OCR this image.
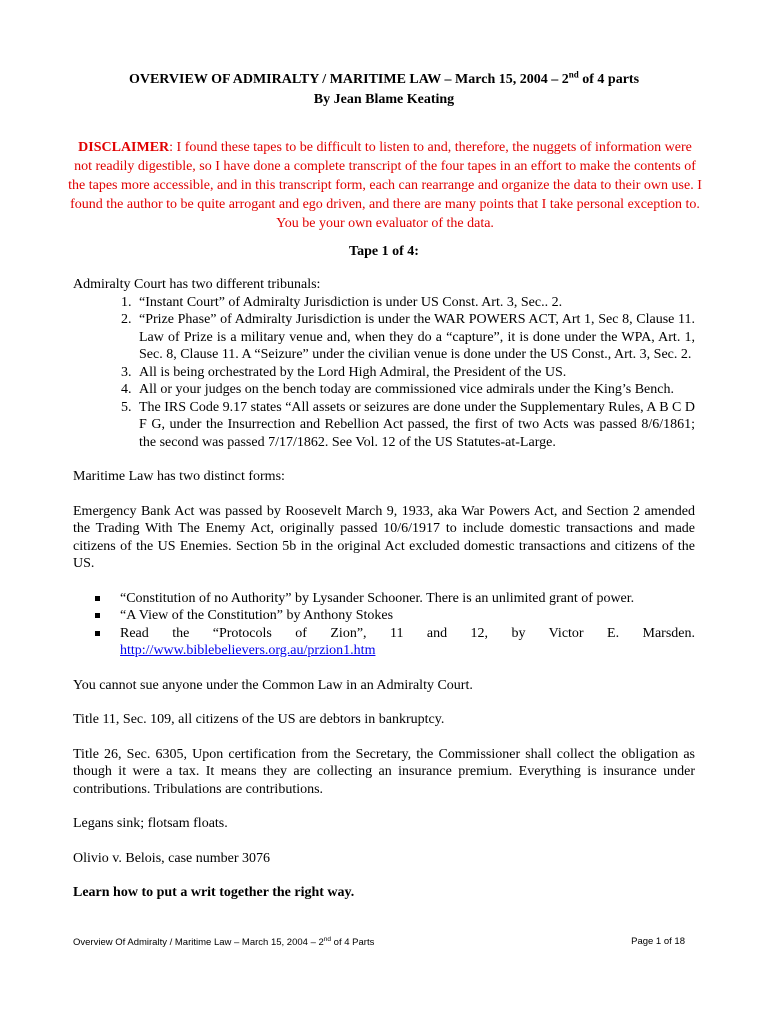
OVERVIEW OF ADMIRALTY / MARITIME LAW – March 15, 2004 – 2nd of 4 parts
By Jean Blame Keating
DISCLAIMER: I found these tapes to be difficult to listen to and, therefore, the nuggets of information were not readily digestible, so I have done a complete transcript of the four tapes in an effort to make the contents of the tapes more accessible, and in this transcript form, each can rearrange and organize the data to their own use. I found the author to be quite arrogant and ego driven, and there are many points that I take personal exception to. You be your own evaluator of the data.
Tape 1 of 4:

Admiralty Court has two different tribunals:

1. “Instant Court” of Admiralty Jurisdiction is under US Const. Art. 3, Sec.. 2.
2. “Prize Phase” of Admiralty Jurisdiction is under the WAR POWERS ACT, Art 1, Sec 8, Clause 11. Law of Prize is a military venue and, when they do a “capture”, it is done under the WPA, Art. 1, Sec. 8, Clause 11. A “Seizure” under the civilian venue is done under the US Const., Art. 3, Sec. 2.
3. All is being orchestrated by the Lord High Admiral, the President of the US.
4. All or your judges on the bench today are commissioned vice admirals under the King’s Bench.
5. The IRS Code 9.17 states “All assets or seizures are done under the Supplementary Rules, A B C D F G, under the Insurrection and Rebellion Act passed, the first of two Acts was passed 8/6/1861; the second was passed 7/17/1862. See Vol. 12 of the US Statutes-at-Large.

Maritime Law has two distinct forms:

Emergency Bank Act was passed by Roosevelt March 9, 1933, aka War Powers Act, and Section 2 amended the Trading With The Enemy Act, originally passed 10/6/1917 to include domestic transactions and made citizens of the US Enemies. Section 5b in the original Act excluded domestic transactions and citizens of the US.

“Constitution of no Authority” by Lysander Schooner. There is an unlimited grant of power.
“A View of the Constitution” by Anthony Stokes
Read the “Protocols of Zion”, 11 and 12, by Victor E. Marsden.
http://www.biblebelievers.org.au/przion1.htm

You cannot sue anyone under the Common Law in an Admiralty Court.

Title 11, Sec. 109, all citizens of the US are debtors in bankruptcy.

Title 26, Sec. 6305, Upon certification from the Secretary, the Commissioner shall collect the obligation as though it were a tax. It means they are collecting an insurance premium. Everything is insurance under contributions. Tribulations are contributions.

Legans sink; flotsam floats.

Olivio v. Belois, case number 3076

Learn how to put a writ together the right way.

Overview Of Admiralty / Maritime Law – March 15, 2004 – 2nd of 4 Parts	Page 1 of 18
